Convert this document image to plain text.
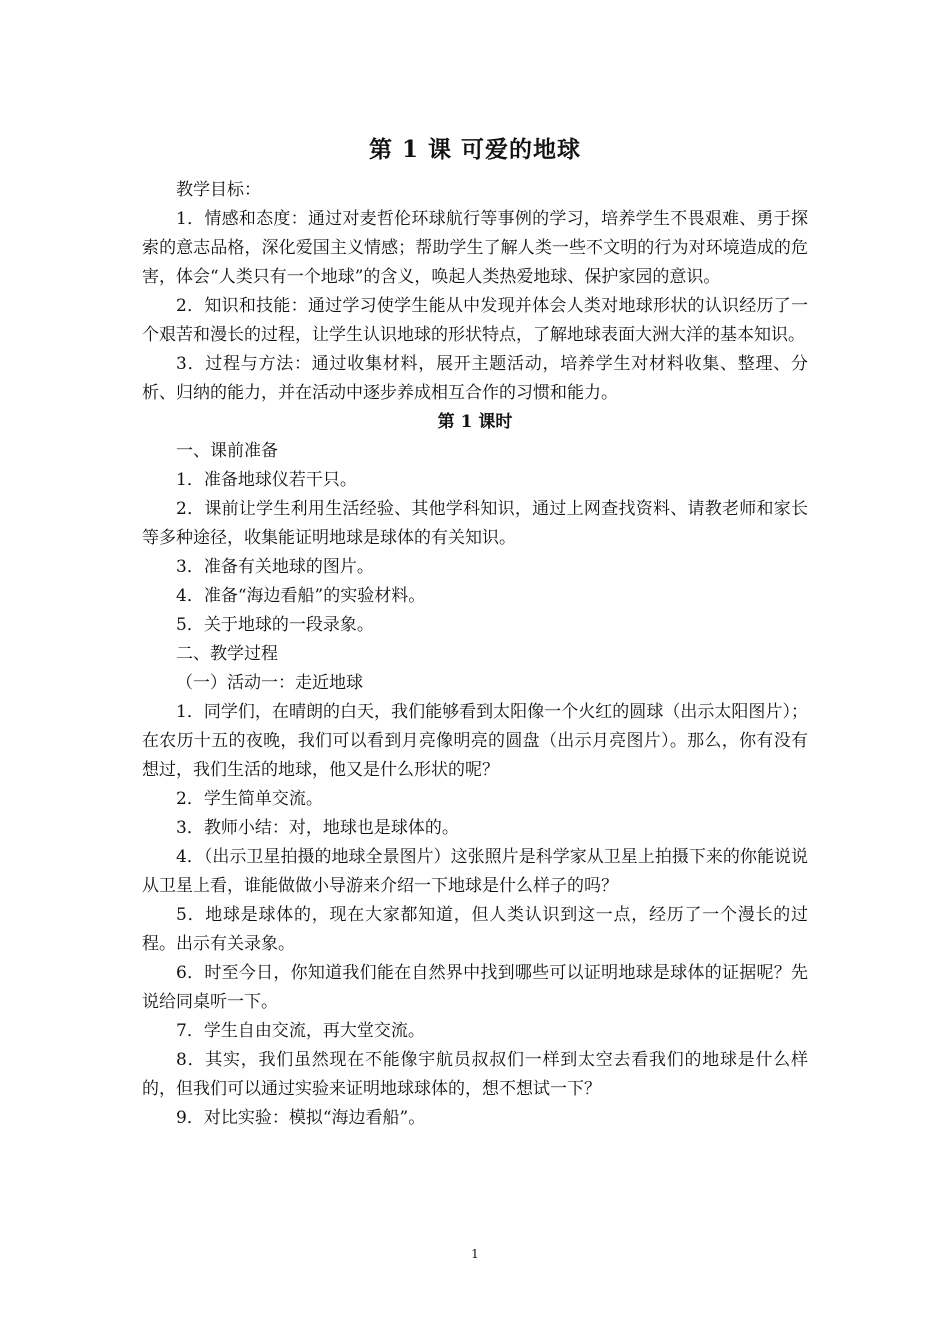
第 1 课 可爱的地球

教学目标：

1．情感和态度：通过对麦哲伦环球航行等事例的学习，培养学生不畏艰难、勇于探索的意志品格，深化爱国主义情感；帮助学生了解人类一些不文明的行为对环境造成的危害，体会“人类只有一个地球”的含义，唤起人类热爱地球、保护家园的意识。

2．知识和技能：通过学习使学生能从中发现并体会人类对地球形状的认识经历了一个艰苦和漫长的过程，让学生认识地球的形状特点，了解地球表面大洲大洋的基本知识。

3．过程与方法：通过收集材料，展开主题活动，培养学生对材料收集、整理、分析、归纳的能力，并在活动中逐步养成相互合作的习惯和能力。

第 1 课时

一、课前准备

1．准备地球仪若干只。

2．课前让学生利用生活经验、其他学科知识，通过上网查找资料、请教老师和家长等多种途径，收集能证明地球是球体的有关知识。

3．准备有关地球的图片。

4．准备“海边看船”的实验材料。

5．关于地球的一段录象。

二、教学过程

（一）活动一：走近地球

1．同学们，在晴朗的白天，我们能够看到太阳像一个火红的圆球（出示太阳图片）；在农历十五的夜晚，我们可以看到月亮像明亮的圆盘（出示月亮图片）。那么，你有没有想过，我们生活的地球，他又是什么形状的呢？

2．学生简单交流。

3．教师小结：对，地球也是球体的。

4．（出示卫星拍摄的地球全景图片）这张照片是科学家从卫星上拍摄下来的你能说说从卫星上看，谁能做做小导游来介绍一下地球是什么样子的吗？

5．地球是球体的，现在大家都知道，但人类认识到这一点，经历了一个漫长的过程。出示有关录象。

6．时至今日，你知道我们能在自然界中找到哪些可以证明地球是球体的证据呢？先说给同桌听一下。

7．学生自由交流，再大堂交流。

8．其实，我们虽然现在不能像宇航员叔叔们一样到太空去看我们的地球是什么样的，但我们可以通过实验来证明地球球体的，想不想试一下？

9．对比实验：模拟“海边看船”。

1
